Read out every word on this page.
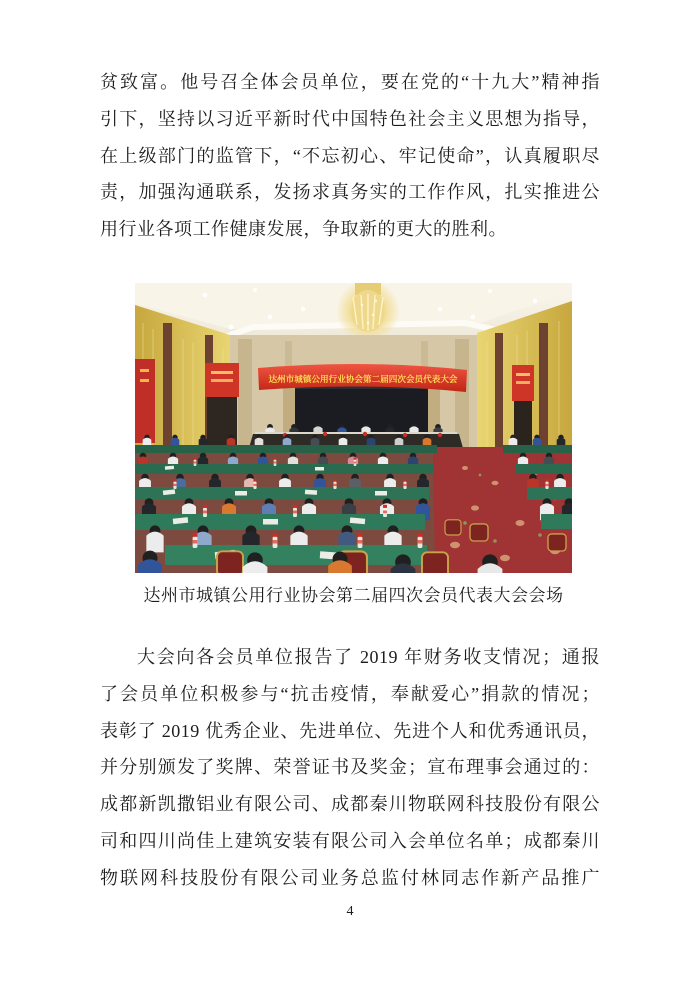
贫致富。他号召全体会员单位，要在党的“十九大”精神指
引下，坚持以习近平新时代中国特色社会主义思想为指导，
在上级部门的监管下，“不忘初心、牢记使命”，认真履职尽
责，加强沟通联系，发扬求真务实的工作作风，扎实推进公
用行业各项工作健康发展，争取新的更大的胜利。
达州市城镇公用行业协会第二届四次会员代表大会
达州市城镇公用行业协会第二届四次会员代表大会会场
大会向各会员单位报告了 2019 年财务收支情况；通报
了会员单位积极参与“抗击疫情，奉献爱心”捐款的情况；
表彰了 2019 优秀企业、先进单位、先进个人和优秀通讯员，
并分别颁发了奖牌、荣誉证书及奖金；宣布理事会通过的：
成都新凯撒铝业有限公司、成都秦川物联网科技股份有限公
司和四川尚佳上建筑安装有限公司入会单位名单；成都秦川
物联网科技股份有限公司业务总监付林同志作新产品推广
4
